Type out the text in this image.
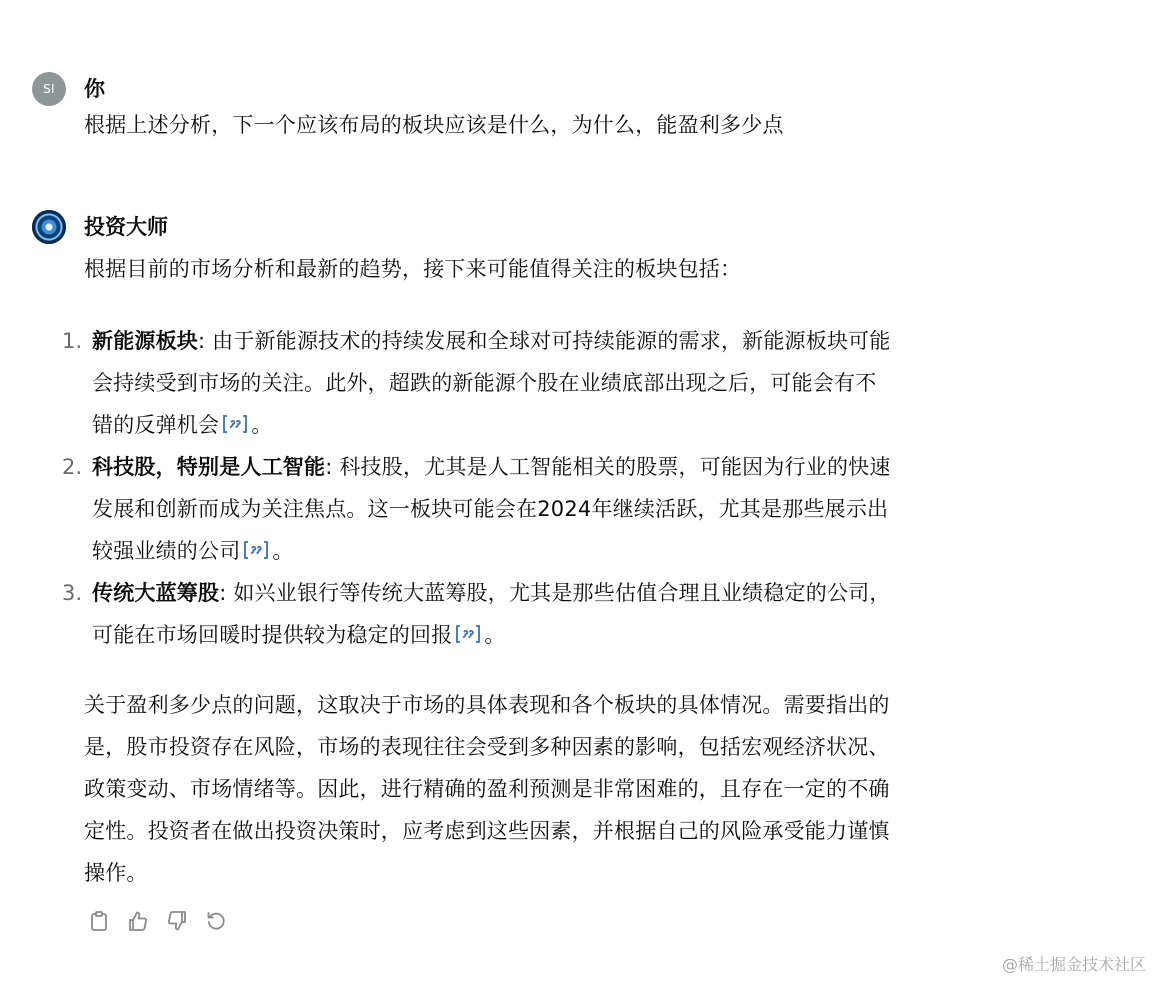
SI	你
根据上述分析，下一个应该布局的板块应该是什么，为什么，能盈利多少点
投资大师
根据目前的市场分析和最新的趋势，接下来可能值得关注的板块包括：
1. 新能源板块: 由于新能源技术的持续发展和全球对可持续能源的需求，新能源板块可能
会持续受到市场的关注。此外，超跌的新能源个股在业绩底部出现之后，可能会有不
错的反弹机会 。
2. 科技股，特别是人工智能: 科技股，尤其是人工智能相关的股票，可能因为行业的快速
发展和创新而成为关注焦点。这一板块可能会在2024年继续活跃，尤其是那些展示出
较强业绩的公司 。
3. 传统大蓝筹股: 如兴业银行等传统大蓝筹股，尤其是那些估值合理且业绩稳定的公司，
可能在市场回暖时提供较为稳定的回报 。
关于盈利多少点的问题，这取决于市场的具体表现和各个板块的具体情况。需要指出的
是，股市投资存在风险，市场的表现往往会受到多种因素的影响，包括宏观经济状况、
政策变动、市场情绪等。因此，进行精确的盈利预测是非常困难的，且存在一定的不确
定性。投资者在做出投资决策时，应考虑到这些因素，并根据自己的风险承受能力谨慎
操作。
@稀土掘金技术社区
